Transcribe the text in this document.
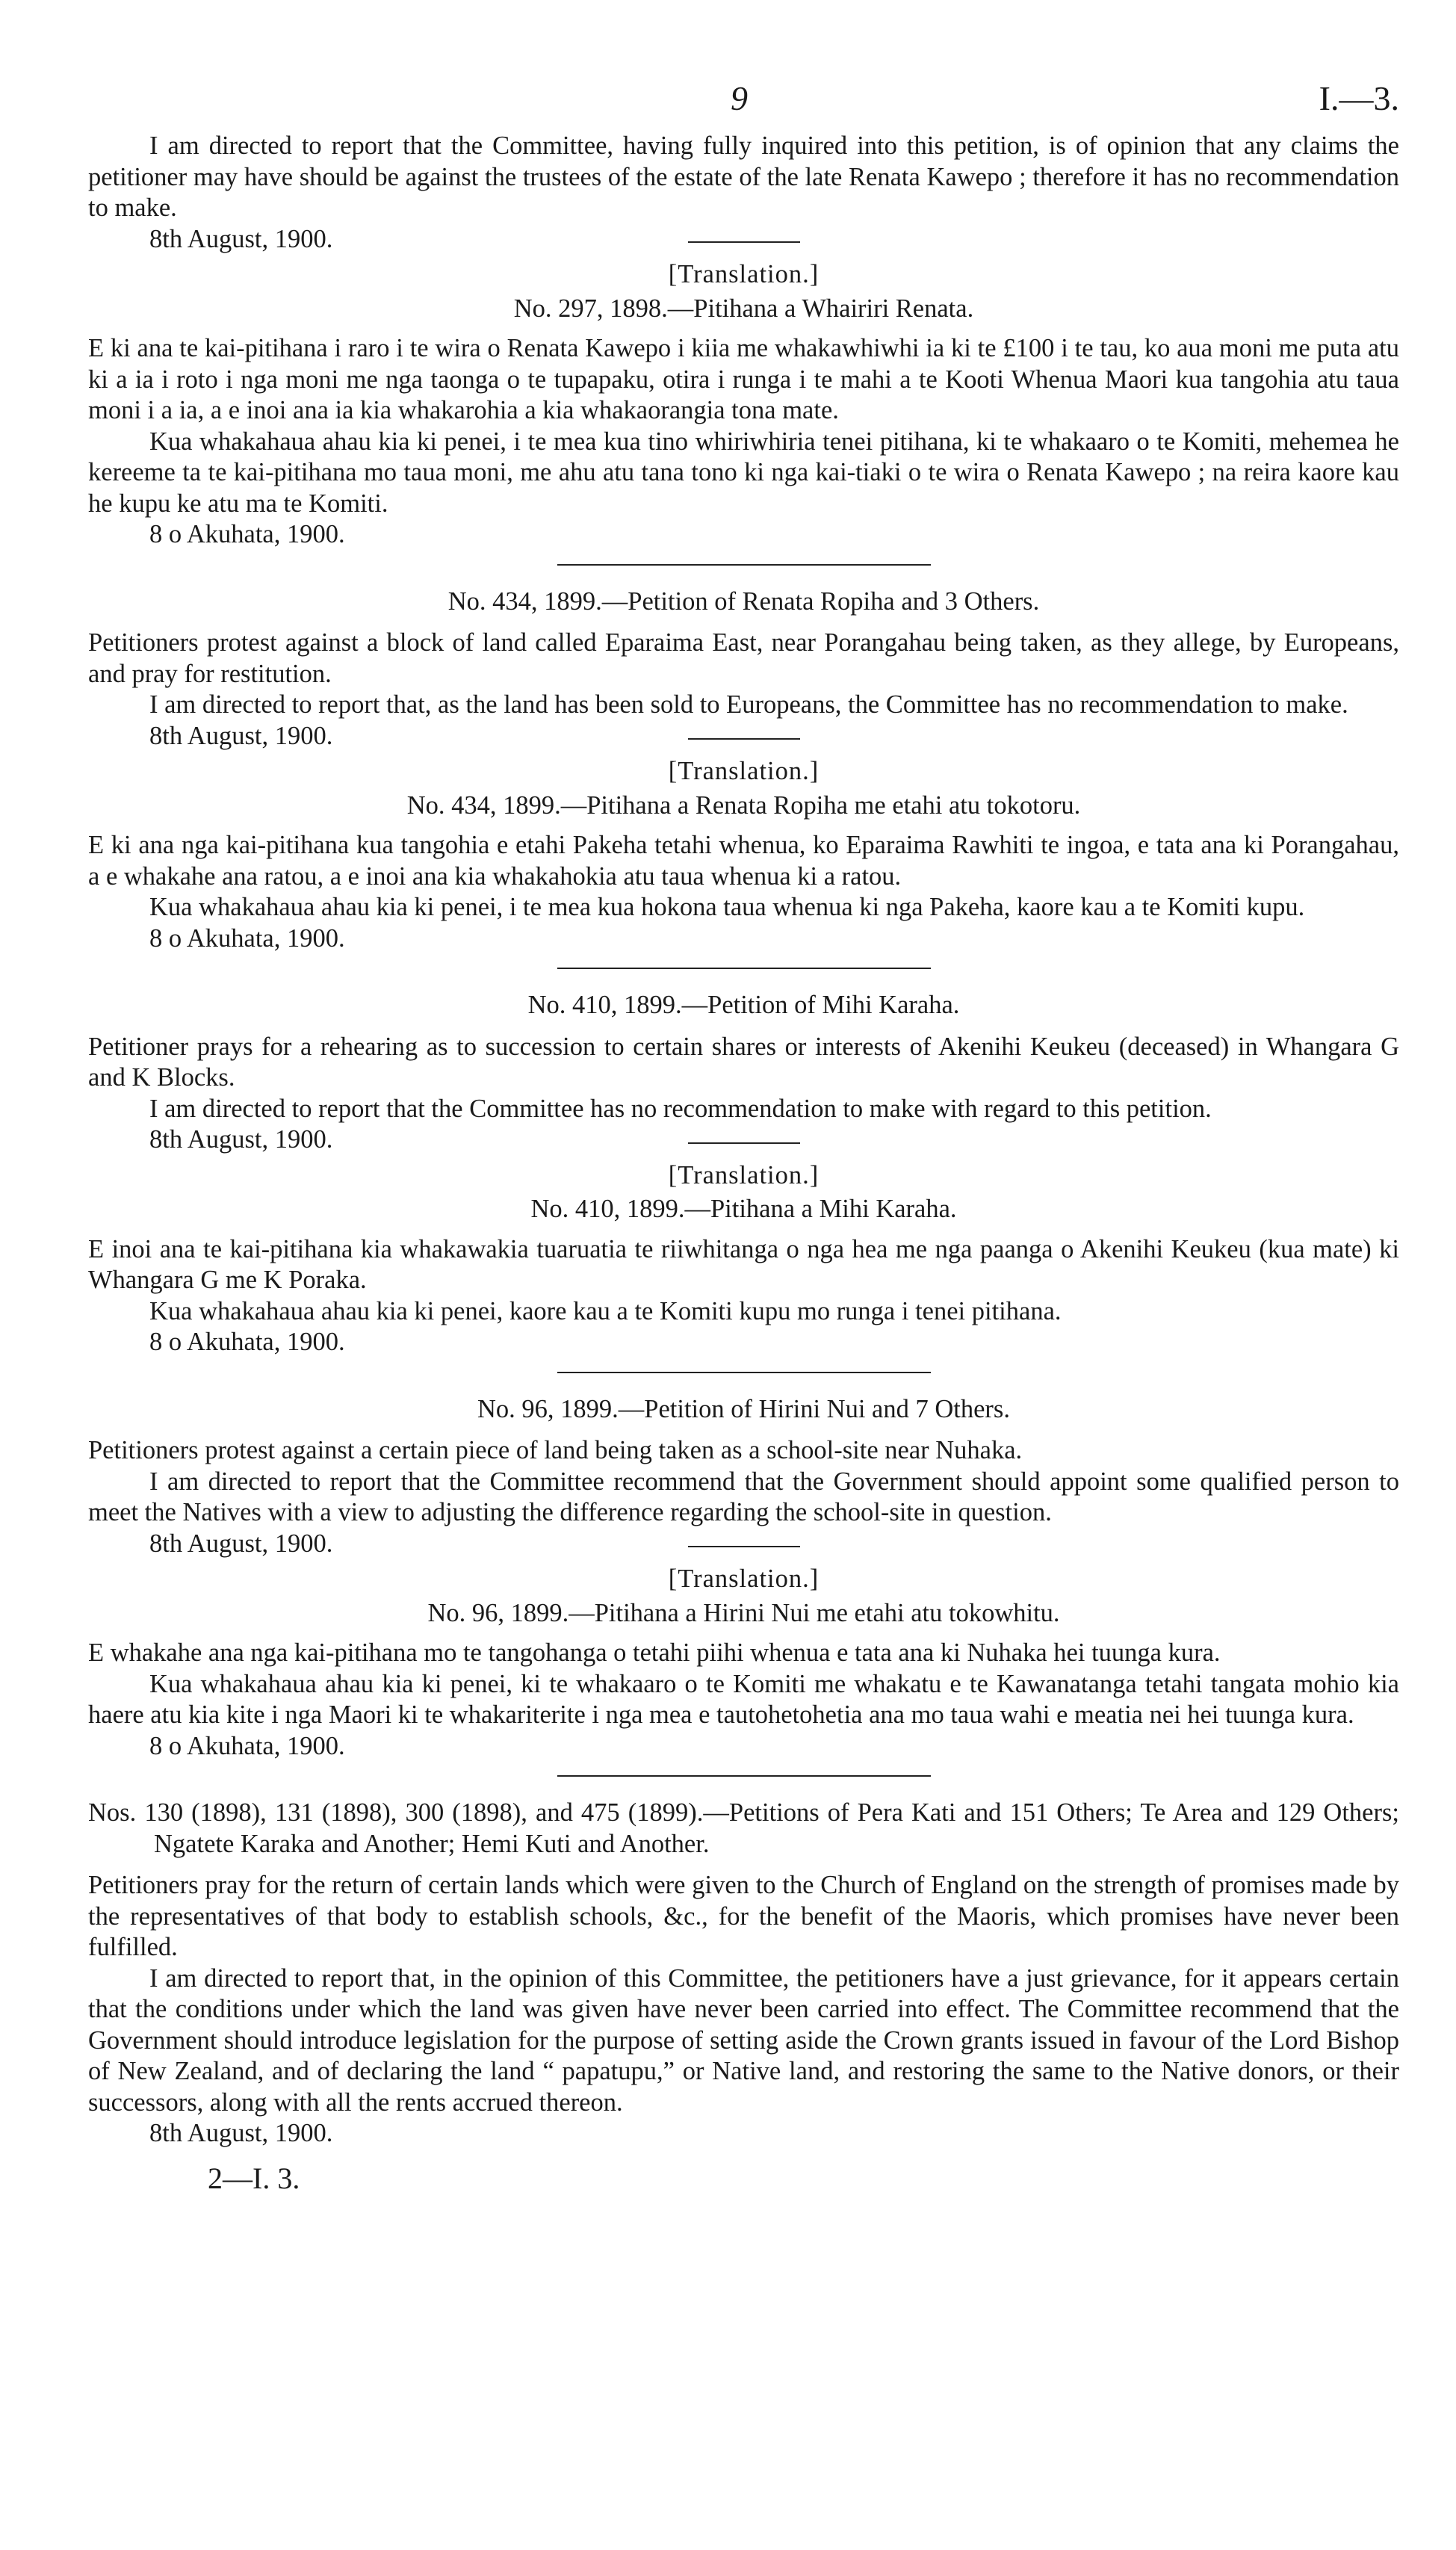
9	I.—3.

I am directed to report that the Committee, having fully inquired into this petition, is of opinion that any claims the petitioner may have should be against the trustees of the estate of the late Renata Kawepo ; therefore it has no recommendation to make.

8th August, 1900.

[Translation.]

No. 297, 1898.—Pitihana a Whairiri Renata.

E ki ana te kai-pitihana i raro i te wira o Renata Kawepo i kiia me whakawhiwhi ia ki te £100 i te tau, ko aua moni me puta atu ki a ia i roto i nga moni me nga taonga o te tupapaku, otira i runga i te mahi a te Kooti Whenua Maori kua tangohia atu taua moni i a ia, a e inoi ana ia kia whakarohia a kia whakaorangia tona mate.

Kua whakahaua ahau kia ki penei, i te mea kua tino whiriwhiria tenei pitihana, ki te whakaaro o te Komiti, mehemea he kereeme ta te kai-pitihana mo taua moni, me ahu atu tana tono ki nga kai-tiaki o te wira o Renata Kawepo ; na reira kaore kau he kupu ke atu ma te Komiti.

8 o Akuhata, 1900.

No. 434, 1899.—Petition of Renata Ropiha and 3 Others.

Petitioners protest against a block of land called Eparaima East, near Porangahau being taken, as they allege, by Europeans, and pray for restitution.

I am directed to report that, as the land has been sold to Europeans, the Committee has no recommendation to make.

8th August, 1900.

[Translation.]

No. 434, 1899.—Pitihana a Renata Ropiha me etahi atu tokotoru.

E ki ana nga kai-pitihana kua tangohia e etahi Pakeha tetahi whenua, ko Eparaima Rawhiti te ingoa, e tata ana ki Porangahau, a e whakahe ana ratou, a e inoi ana kia whakahokia atu taua whenua ki a ratou.

Kua whakahaua ahau kia ki penei, i te mea kua hokona taua whenua ki nga Pakeha, kaore kau a te Komiti kupu.

8 o Akuhata, 1900.

No. 410, 1899.—Petition of Mihi Karaha.

Petitioner prays for a rehearing as to succession to certain shares or interests of Akenihi Keukeu (deceased) in Whangara G and K Blocks.

I am directed to report that the Committee has no recommendation to make with regard to this petition.

8th August, 1900.

[Translation.]

No. 410, 1899.—Pitihana a Mihi Karaha.

E inoi ana te kai-pitihana kia whakawakia tuaruatia te riiwhitanga o nga hea me nga paanga o Akenihi Keukeu (kua mate) ki Whangara G me K Poraka.

Kua whakahaua ahau kia ki penei, kaore kau a te Komiti kupu mo runga i tenei pitihana.

8 o Akuhata, 1900.

No. 96, 1899.—Petition of Hirini Nui and 7 Others.

Petitioners protest against a certain piece of land being taken as a school-site near Nuhaka.

I am directed to report that the Committee recommend that the Government should appoint some qualified person to meet the Natives with a view to adjusting the difference regarding the school-site in question.

8th August, 1900.

[Translation.]

No. 96, 1899.—Pitihana a Hirini Nui me etahi atu tokowhitu.

E whakahe ana nga kai-pitihana mo te tangohanga o tetahi piihi whenua e tata ana ki Nuhaka hei tuunga kura.

Kua whakahaua ahau kia ki penei, ki te whakaaro o te Komiti me whakatu e te Kawanatanga tetahi tangata mohio kia haere atu kia kite i nga Maori ki te whakariterite i nga mea e tautohetohetia ana mo taua wahi e meatia nei hei tuunga kura.

8 o Akuhata, 1900.

Nos. 130 (1898), 131 (1898), 300 (1898), and 475 (1899).—Petitions of Pera Kati and 151 Others; Te Area and 129 Others; Ngatete Karaka and Another; Hemi Kuti and Another.

Petitioners pray for the return of certain lands which were given to the Church of England on the strength of promises made by the representatives of that body to establish schools, &c., for the benefit of the Maoris, which promises have never been fulfilled.

I am directed to report that, in the opinion of this Committee, the petitioners have a just grievance, for it appears certain that the conditions under which the land was given have never been carried into effect. The Committee recommend that the Government should introduce legislation for the purpose of setting aside the Crown grants issued in favour of the Lord Bishop of New Zealand, and of declaring the land “ papatupu,” or Native land, and restoring the same to the Native donors, or their successors, along with all the rents accrued thereon.

8th August, 1900.

2—I. 3.
